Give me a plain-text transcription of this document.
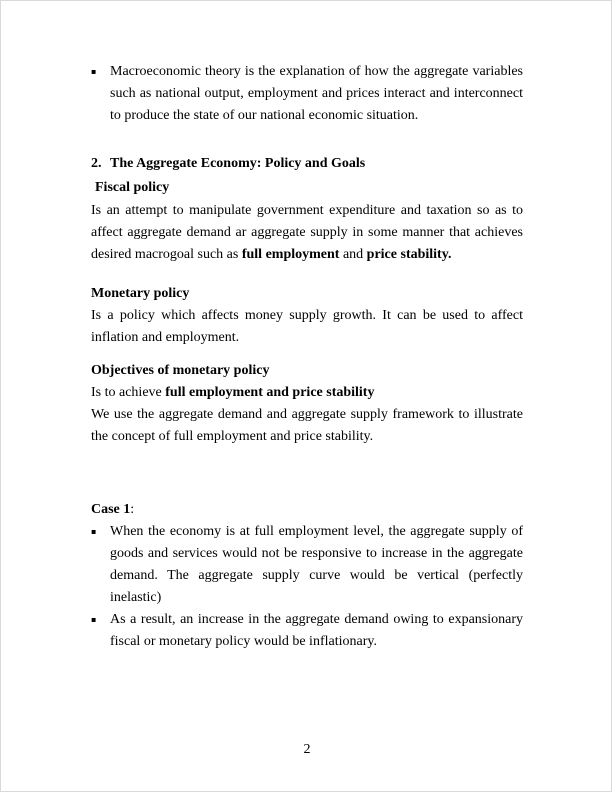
▪ Macroeconomic theory is the explanation of how the aggregate variables such as national output, employment and prices interact and interconnect to produce the state of our national economic situation.

2. The Aggregate Economy: Policy and Goals

Fiscal policy

Is an attempt to manipulate government expenditure and taxation so as to affect aggregate demand ar aggregate supply in some manner that achieves desired macrogoal such as full employment and price stability.

Monetary policy

Is a policy which affects money supply growth. It can be used to affect inflation and employment.

Objectives of monetary policy

Is to achieve full employment and price stability

We use the aggregate demand and aggregate supply framework to illustrate the concept of full employment and price stability.

Case 1:

▪ When the economy is at full employment level, the aggregate supply of goods and services would not be responsive to increase in the aggregate demand. The aggregate supply curve would be vertical (perfectly inelastic)
▪ As a result, an increase in the aggregate demand owing to expansionary fiscal or monetary policy would be inflationary.
2
